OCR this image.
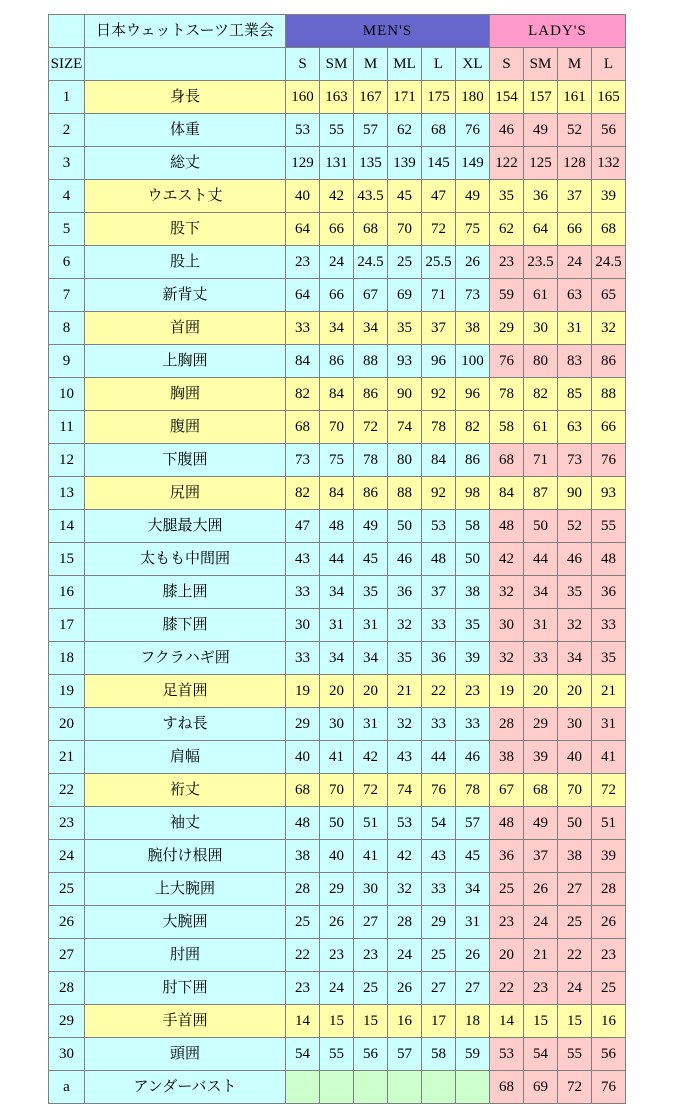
	日本ウェットスーツ工業会	MEN'S						LADY'S			
SIZE		S	SM	M	ML	L	XL	S	SM	M	L
1	身長	160	163	167	171	175	180	154	157	161	165
2	体重	53	55	57	62	68	76	46	49	52	56
3	総丈	129	131	135	139	145	149	122	125	128	132
4	ウエスト丈	40	42	43.5	45	47	49	35	36	37	39
5	股下	64	66	68	70	72	75	62	64	66	68
6	股上	23	24	24.5	25	25.5	26	23	23.5	24	24.5
7	新背丈	64	66	67	69	71	73	59	61	63	65
8	首囲	33	34	34	35	37	38	29	30	31	32
9	上胸囲	84	86	88	93	96	100	76	80	83	86
10	胸囲	82	84	86	90	92	96	78	82	85	88
11	腹囲	68	70	72	74	78	82	58	61	63	66
12	下腹囲	73	75	78	80	84	86	68	71	73	76
13	尻囲	82	84	86	88	92	98	84	87	90	93
14	大腿最大囲	47	48	49	50	53	58	48	50	52	55
15	太もも中間囲	43	44	45	46	48	50	42	44	46	48
16	膝上囲	33	34	35	36	37	38	32	34	35	36
17	膝下囲	30	31	31	32	33	35	30	31	32	33
18	フクラハギ囲	33	34	34	35	36	39	32	33	34	35
19	足首囲	19	20	20	21	22	23	19	20	20	21
20	すね長	29	30	31	32	33	33	28	29	30	31
21	肩幅	40	41	42	43	44	46	38	39	40	41
22	裄丈	68	70	72	74	76	78	67	68	70	72
23	袖丈	48	50	51	53	54	57	48	49	50	51
24	腕付け根囲	38	40	41	42	43	45	36	37	38	39
25	上大腕囲	28	29	30	32	33	34	25	26	27	28
26	大腕囲	25	26	27	28	29	31	23	24	25	26
27	肘囲	22	23	23	24	25	26	20	21	22	23
28	肘下囲	23	24	25	26	27	27	22	23	24	25
29	手首囲	14	15	15	16	17	18	14	15	15	16
30	頭囲	54	55	56	57	58	59	53	54	55	56
a	アンダーバスト							68	69	72	76
